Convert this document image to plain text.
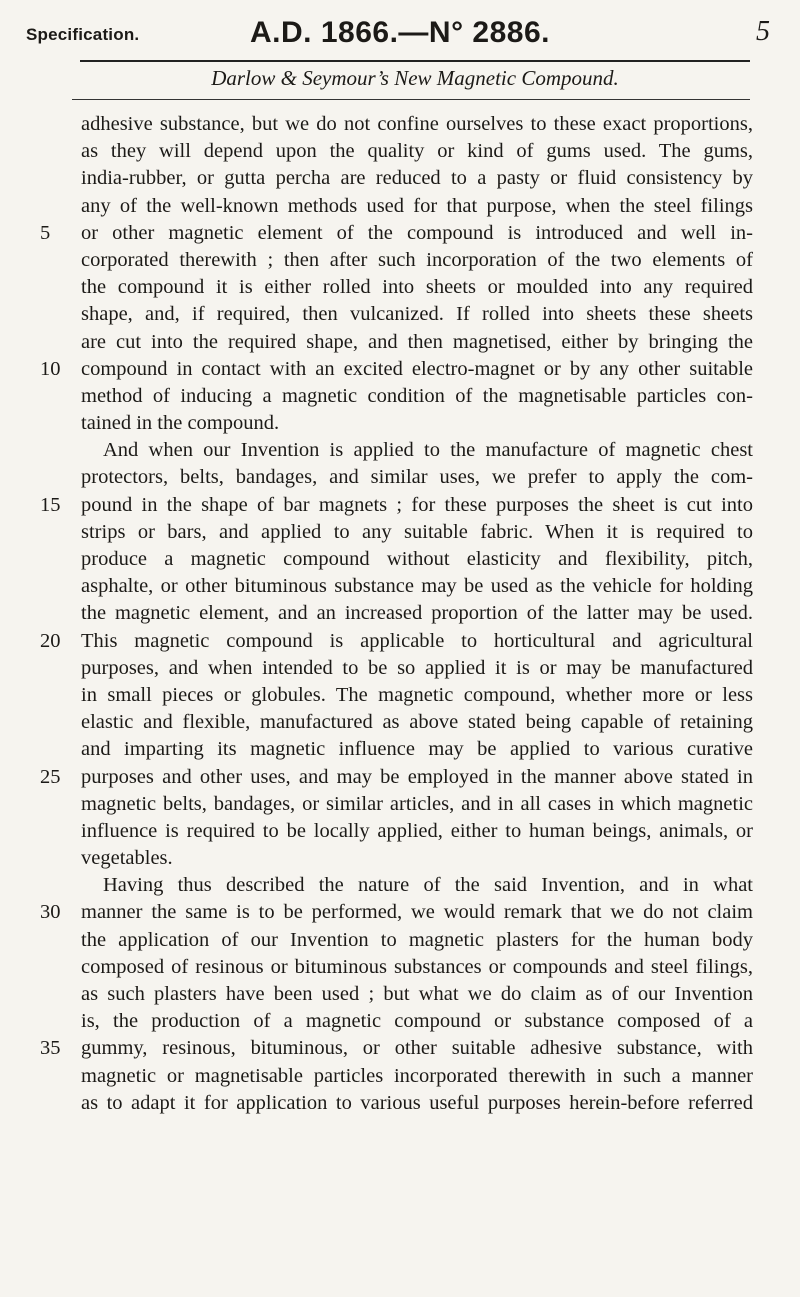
Specification.	A.D. 1866.—N° 2886.	5
Darlow & Seymour’s New Magnetic Compound.
adhesive substance, but we do not confine ourselves to these exact proportions,
as they will depend upon the quality or kind of gums used. The gums,
india-rubber, or gutta percha are reduced to a pasty or fluid consistency by
any of the well-known methods used for that purpose, when the steel filings
5	or other magnetic element of the compound is introduced and well in-
corporated therewith ; then after such incorporation of the two elements of
the compound it is either rolled into sheets or moulded into any required
shape, and, if required, then vulcanized. If rolled into sheets these sheets
are cut into the required shape, and then magnetised, either by bringing the
10	compound in contact with an excited electro-magnet or by any other suitable
method of inducing a magnetic condition of the magnetisable particles con-
tained in the compound.
And when our Invention is applied to the manufacture of magnetic chest
protectors, belts, bandages, and similar uses, we prefer to apply the com-
15	pound in the shape of bar magnets ; for these purposes the sheet is cut into
strips or bars, and applied to any suitable fabric. When it is required to
produce a magnetic compound without elasticity and flexibility, pitch,
asphalte, or other bituminous substance may be used as the vehicle for holding
the magnetic element, and an increased proportion of the latter may be used.
20	This magnetic compound is applicable to horticultural and agricultural
purposes, and when intended to be so applied it is or may be manufactured
in small pieces or globules. The magnetic compound, whether more or less
elastic and flexible, manufactured as above stated being capable of retaining
and imparting its magnetic influence may be applied to various curative
25	purposes and other uses, and may be employed in the manner above stated in
magnetic belts, bandages, or similar articles, and in all cases in which magnetic
influence is required to be locally applied, either to human beings, animals, or
vegetables.
Having thus described the nature of the said Invention, and in what
30	manner the same is to be performed, we would remark that we do not claim
the application of our Invention to magnetic plasters for the human body
composed of resinous or bituminous substances or compounds and steel filings,
as such plasters have been used ; but what we do claim as of our Invention
is, the production of a magnetic compound or substance composed of a
35	gummy, resinous, bituminous, or other suitable adhesive substance, with
magnetic or magnetisable particles incorporated therewith in such a manner
as to adapt it for application to various useful purposes herein-before referred
